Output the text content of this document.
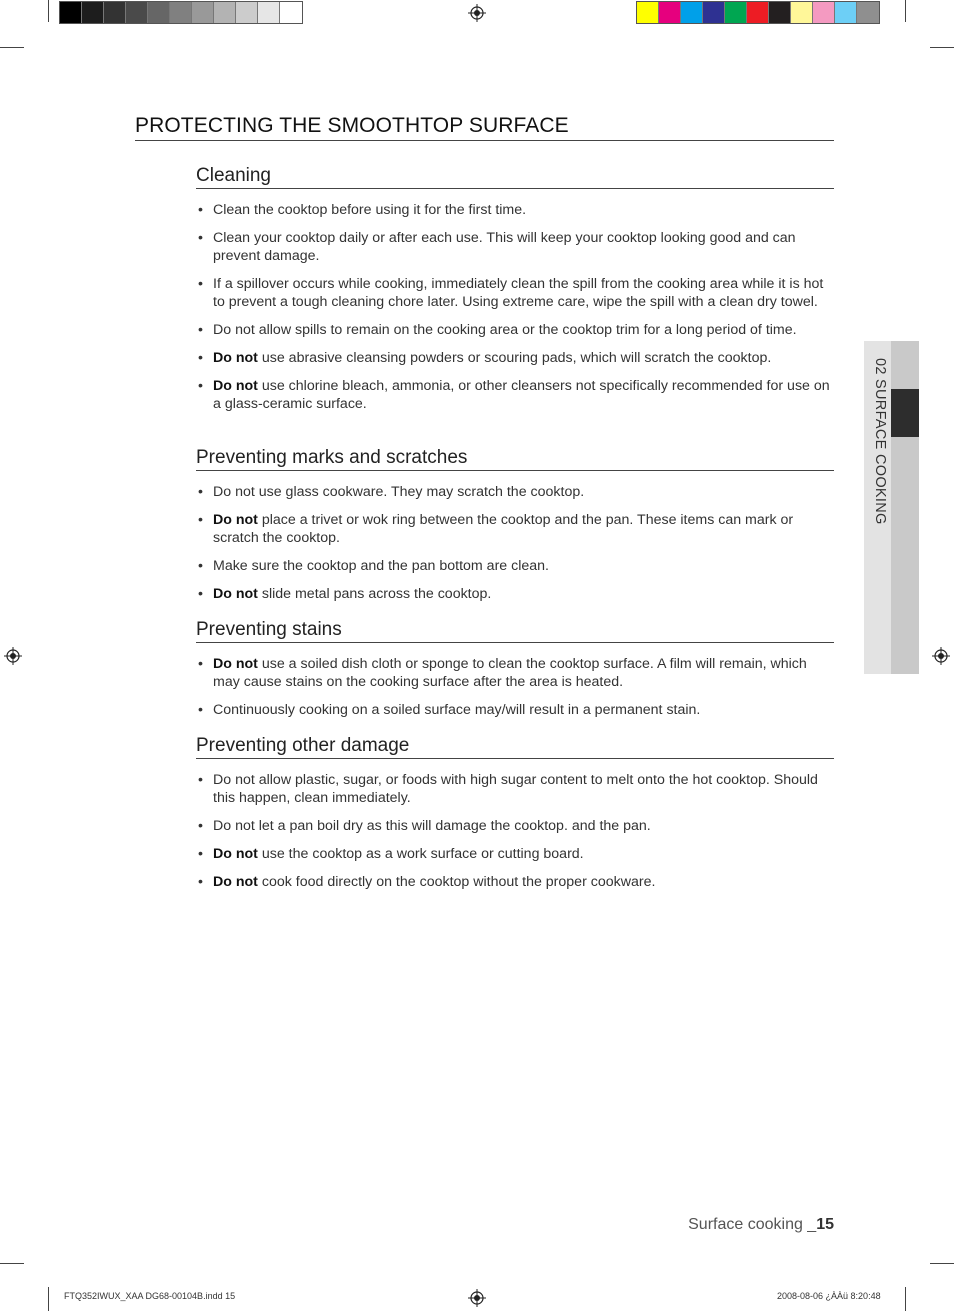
PROTECTING THE SMOOTHTOP SURFACE
Cleaning
• Clean the cooktop before using it for the first time.
• Clean your cooktop daily or after each use. This will keep your cooktop looking good and can prevent damage.
• If a spillover occurs while cooking, immediately clean the spill from the cooking area while it is hot to prevent a tough cleaning chore later. Using extreme care, wipe the spill with a clean dry towel.
• Do not allow spills to remain on the cooking area or the cooktop trim for a long period of time.
• Do not use abrasive cleansing powders or scouring pads, which will scratch the cooktop.
• Do not use chlorine bleach, ammonia, or other cleansers not specifically recommended for use on a glass-ceramic surface.
Preventing marks and scratches
• Do not use glass cookware. They may scratch the cooktop.
• Do not place a trivet or wok ring between the cooktop and the pan. These items can mark or scratch the cooktop.
• Make sure the cooktop and the pan bottom are clean.
• Do not slide metal pans across the cooktop.
Preventing stains
• Do not use a soiled dish cloth or sponge to clean the cooktop surface. A film will remain, which may cause stains on the cooking surface after the area is heated.
• Continuously cooking on a soiled surface may/will result in a permanent stain.
Preventing other damage
• Do not allow plastic, sugar, or foods with high sugar content to melt onto the hot cooktop. Should this happen, clean immediately.
• Do not let a pan boil dry as this will damage the cooktop. and the pan.
• Do not use the cooktop as a work surface or cutting board.
• Do not cook food directly on the cooktop without the proper cookware.
02 SURFACE COOKING
Surface cooking _15
FTQ352IWUX_XAA DG68-00104B.indd 15	2008-08-06 ¿ÀÀü 8:20:48
